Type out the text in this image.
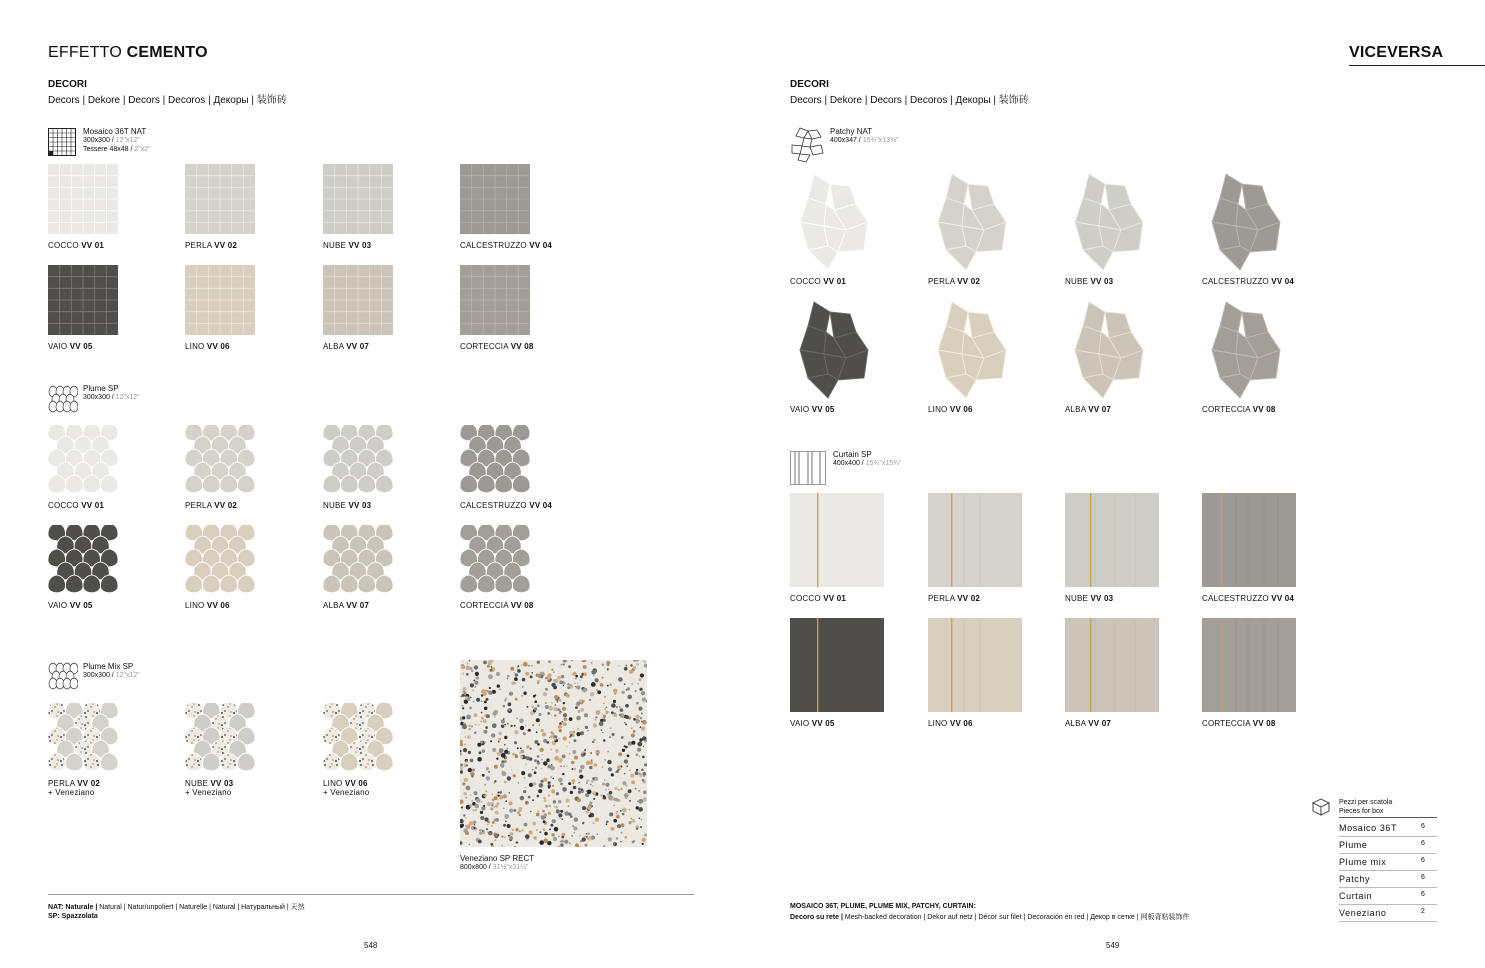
EFFETTO CEMENTO	VICEVERSA
DECORI
Decors | Dekore | Decors | Decoros | Декоры | 装饰砖
Mosaico 36T NAT
300x300 / 12"x12"
Tessere 48x48 / 2"x2"
Plume SP
300x300 / 12"x12"
Plume Mix SP
300x300 / 12"x12"
COCCO VV 01	PERLA VV 02	NUBE VV 03	CALCESTRUZZO VV 04
VAIO VV 05	LINO VV 06	ALBA VV 07	CORTECCIA VV 08
COCCO VV 01	PERLA VV 02	NUBE VV 03	CALCESTRUZZO VV 04
VAIO VV 05	LINO VV 06	ALBA VV 07	CORTECCIA VV 08
PERLA VV 02
+ Veneziano
NUBE VV 03
+ Veneziano
LINO VV 06
+ Veneziano
COCCO VV 01	PERLA VV 02	NUBE VV 03	CALCESTRUZZO VV 04
VAIO VV 05	LINO VV 06	ALBA VV 07	CORTECCIA VV 08
COCCO VV 01	PERLA VV 02	NUBE VV 03	CALCESTRUZZO VV 04
VAIO VV 05	LINO VV 06	ALBA VV 07	CORTECCIA VV 08
Veneziano SP RECT
800x800 / 31½"x31½"
NAT: Naturale | Natural | Natur/unpoliert | Naturelle | Natural | Натуральный | 天然
SP: Spazzolata
548
DECORI
Decors | Dekore | Decors | Decoros | Декоры | 装饰砖
Patchy NAT
400x347 / 15¾"x13⅝"
Curtain SP
400x400 / 15¾"x15¾"
Pezzi per scatola
Pieces for box
Mosaico 36T	6
Plume	6
Plume mix	6
Patchy	6
Curtain	6
Veneziano	2
MOSAICO 36T, PLUME, PLUME MIX, PATCHY, CURTAIN:
Decoro su rete | Mesh-backed decoration | Dekor auf netz | Décor sur filet | Decoración en red | Декор в сетке | 网板背粘装饰件
549
